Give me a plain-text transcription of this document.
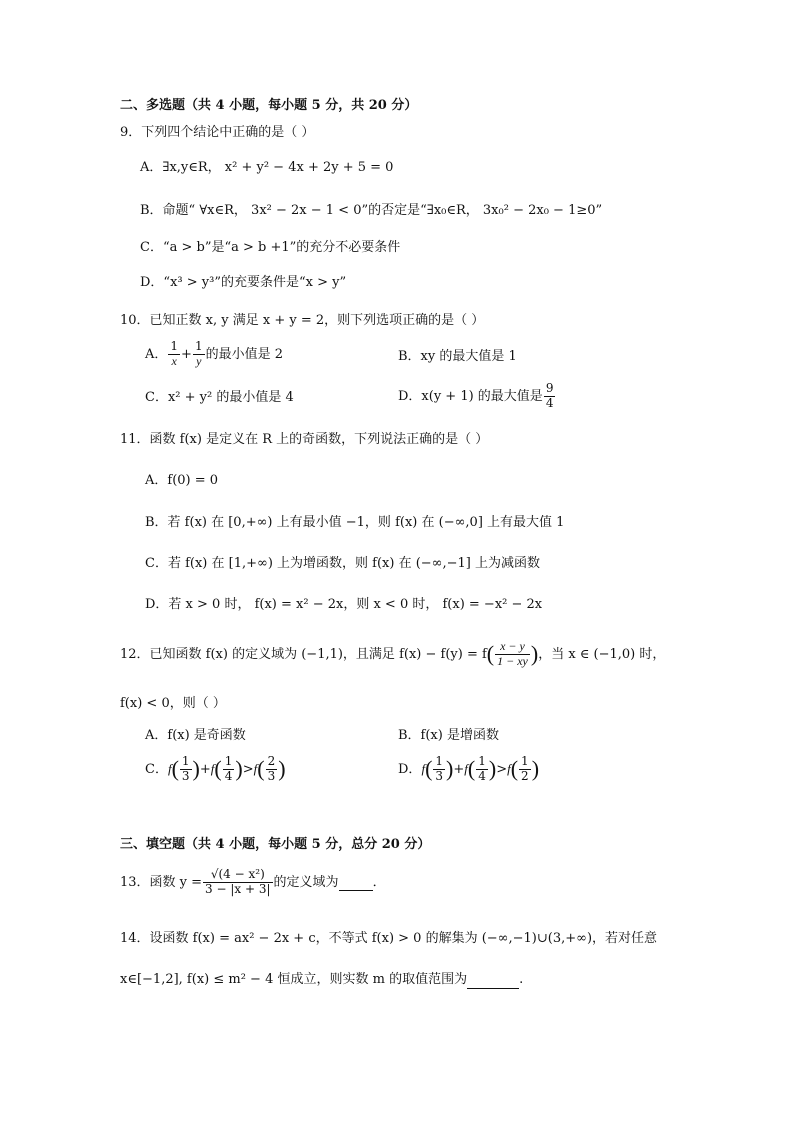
二、多选题（共 4 小题，每小题 5 分，共 20 分）
9．下列四个结论中正确的是（ ）
A．∃x,y∈R， x² + y² − 4x + 2y + 5 = 0
B．命题“ ∀x∈R， 3x² − 2x − 1 < 0”的否定是“∃x₀∈R， 3x₀² − 2x₀ − 1≥0”
C．“a > b”是“a > b +1”的充分不必要条件
D．“x³ > y³”的充要条件是“x > y”
10．已知正数 x, y 满足 x + y = 2，则下列选项正确的是（ ）
A． $\frac{1}{x} + \frac{1}{y}$ 的最小值是 2	B．xy 的最大值是 1
C．x² + y² 的最小值是 4	D．x(y + 1) 的最大值是 $\frac{9}{4}$
11．函数 f(x) 是定义在 R 上的奇函数，下列说法正确的是（ ）
A．f(0) = 0
B．若 f(x) 在 [0,+∞) 上有最小值 −1，则 f(x) 在 (−∞,0] 上有最大值 1
C．若 f(x) 在 [1,+∞) 上为增函数，则 f(x) 在 (−∞,−1] 上为减函数
D．若 x > 0 时， f(x) = x² − 2x，则 x < 0 时， f(x) = −x² − 2x
12．已知函数 f(x) 的定义域为 (−1,1)，且满足 $f(x) - f(y) = f( \frac{x - y}{1 - xy}$ )，当 x ∈ (−1,0) 时，
f(x) < 0，则（ ）
A．f(x) 是奇函数	B．f(x) 是增函数
C．$f( \frac{1}{3} )+f( \frac{1}{4} )>f( \frac{2}{3}$ )	D．$f( \frac{1}{3} )+f( \frac{1}{4} )>f( \frac{1}{2}$ )
三、填空题（共 4 小题，每小题 5 分，总分 20 分）
13．函数 $y = \frac{\text{√(4 − x²)}}{3 - |x + 3|}$ 的定义域为	．
14．设函数 f(x) = ax² − 2x + c，不等式 f(x) > 0 的解集为 (−∞,−1)∪(3,+∞)，若对任意
x∈[−1,2], f(x) ≤ m² − 4 恒成立，则实数 m 的取值范围为	.
